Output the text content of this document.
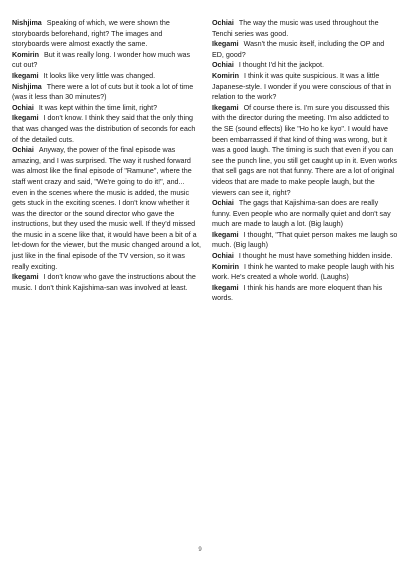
Nishjima Speaking of which, we were shown the storyboards beforehand, right? The images and storyboards were almost exactly the same.

Komirin But it was really long. I wonder how much was cut out?

Ikegami It looks like very little was changed.

Nishjima There were a lot of cuts but it took a lot of time (was it less than 30 minutes?)

Ochiai It was kept within the time limit, right?

Ikegami I don't know. I think they said that the only thing that was changed was the distribution of seconds for each of the detailed cuts.

Ochiai Anyway, the power of the final episode was amazing, and I was surprised. The way it rushed forward was almost like the final episode of "Ramune", where the staff went crazy and said, "We're going to do it!", and... even in the scenes where the music is added, the music gets stuck in the exciting scenes. I don't know whether it was the director or the sound director who gave the instructions, but they used the music well. If they'd missed the music in a scene like that, it would have been a bit of a let-down for the viewer, but the music changed around a lot, just like in the final episode of the TV version, so it was really exciting.

Ikegami I don't know who gave the instructions about the music. I don't think Kajishima-san was involved at least.

Ochiai The way the music was used throughout the Tenchi series was good.

Ikegami Wasn't the music itself, including the OP and ED, good?

Ochiai I thought I'd hit the jackpot.

Komirin I think it was quite suspicious. It was a little Japanese-style. I wonder if you were conscious of that in relation to the work?

Ikegami Of course there is. I'm sure you discussed this with the director during the meeting. I'm also addicted to the SE (sound effects) like "Ho ho ke kyo". I would have been embarrassed if that kind of thing was wrong, but it was a good laugh. The timing is such that even if you can see the punch line, you still get caught up in it. Even works that sell gags are not that funny. There are a lot of original videos that are made to make people laugh, but the viewers can see it, right?

Ochiai The gags that Kajishima-san does are really funny. Even people who are normally quiet and don't say much are made to laugh a lot. (Big laugh)

Ikegami I thought, "That quiet person makes me laugh so much. (Big laugh)

Ochiai I thought he must have something hidden inside.

Komirin I think he wanted to make people laugh with his work. He's created a whole world. (Laughs)

Ikegami I think his hands are more eloquent than his words.

9
